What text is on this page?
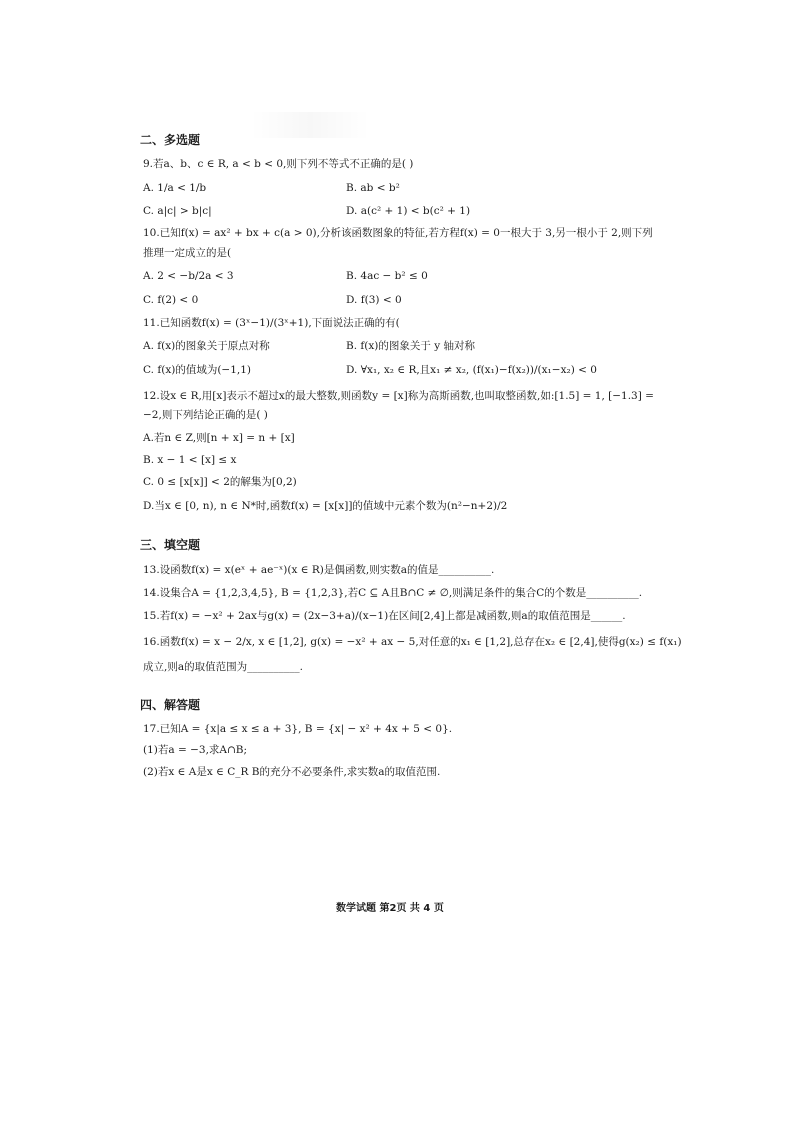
二、多选题
9.若a、b、c ∈ R, a < b < 0,则下列不等式不正确的是( )
A. 1/a < 1/b	B. ab < b²
C. a|c| > b|c|	D. a(c² + 1) < b(c² + 1)
10.已知f(x) = ax² + bx + c(a > 0),分析该函数图象的特征,若方程f(x) = 0一根大于 3,另一根小于 2,则下列
推理一定成立的是(
A. 2 < −b/2a < 3	B. 4ac − b² ≤ 0
C. f(2) < 0	D. f(3) < 0
11.已知函数f(x) = (3ˣ−1)/(3ˣ+1),下面说法正确的有(
A. f(x)的图象关于原点对称	B. f(x)的图象关于 y 轴对称
C. f(x)的值域为(−1,1)	D. ∀x₁, x₂ ∈ R,且x₁ ≠ x₂, (f(x₁)−f(x₂))/(x₁−x₂) < 0
12.设x ∈ R,用[x]表示不超过x的最大整数,则函数y = [x]称为高斯函数,也叫取整函数,如:[1.5] = 1, [−1.3] =
−2,则下列结论正确的是( )
A.若n ∈ Z,则[n + x] = n + [x]
B. x − 1 < [x] ≤ x
C. 0 ≤ [x[x]] < 2的解集为[0,2)
D.当x ∈ [0, n), n ∈ N*时,函数f(x) = [x[x]]的值域中元素个数为(n²−n+2)/2
三、填空题
13.设函数f(x) = x(eˣ + ae⁻ˣ)(x ∈ R)是偶函数,则实数a的值是__________.
14.设集合A = {1,2,3,4,5}, B = {1,2,3},若C ⊆ A且B∩C ≠ ∅,则满足条件的集合C的个数是__________.
15.若f(x) = −x² + 2ax与g(x) = (2x−3+a)/(x−1)在区间[2,4]上都是减函数,则a的取值范围是______.
16.函数f(x) = x − 2/x, x ∈ [1,2], g(x) = −x² + ax − 5,对任意的x₁ ∈ [1,2],总存在x₂ ∈ [2,4],使得g(x₂) ≤ f(x₁)
成立,则a的取值范围为__________.
四、解答题
17.已知A = {x|a ≤ x ≤ a + 3}, B = {x| − x² + 4x + 5 < 0}.
(1)若a = −3,求A∩B;
(2)若x ∈ A是x ∈ C_R B的充分不必要条件,求实数a的取值范围.
数学试题 第2页 共 4 页
